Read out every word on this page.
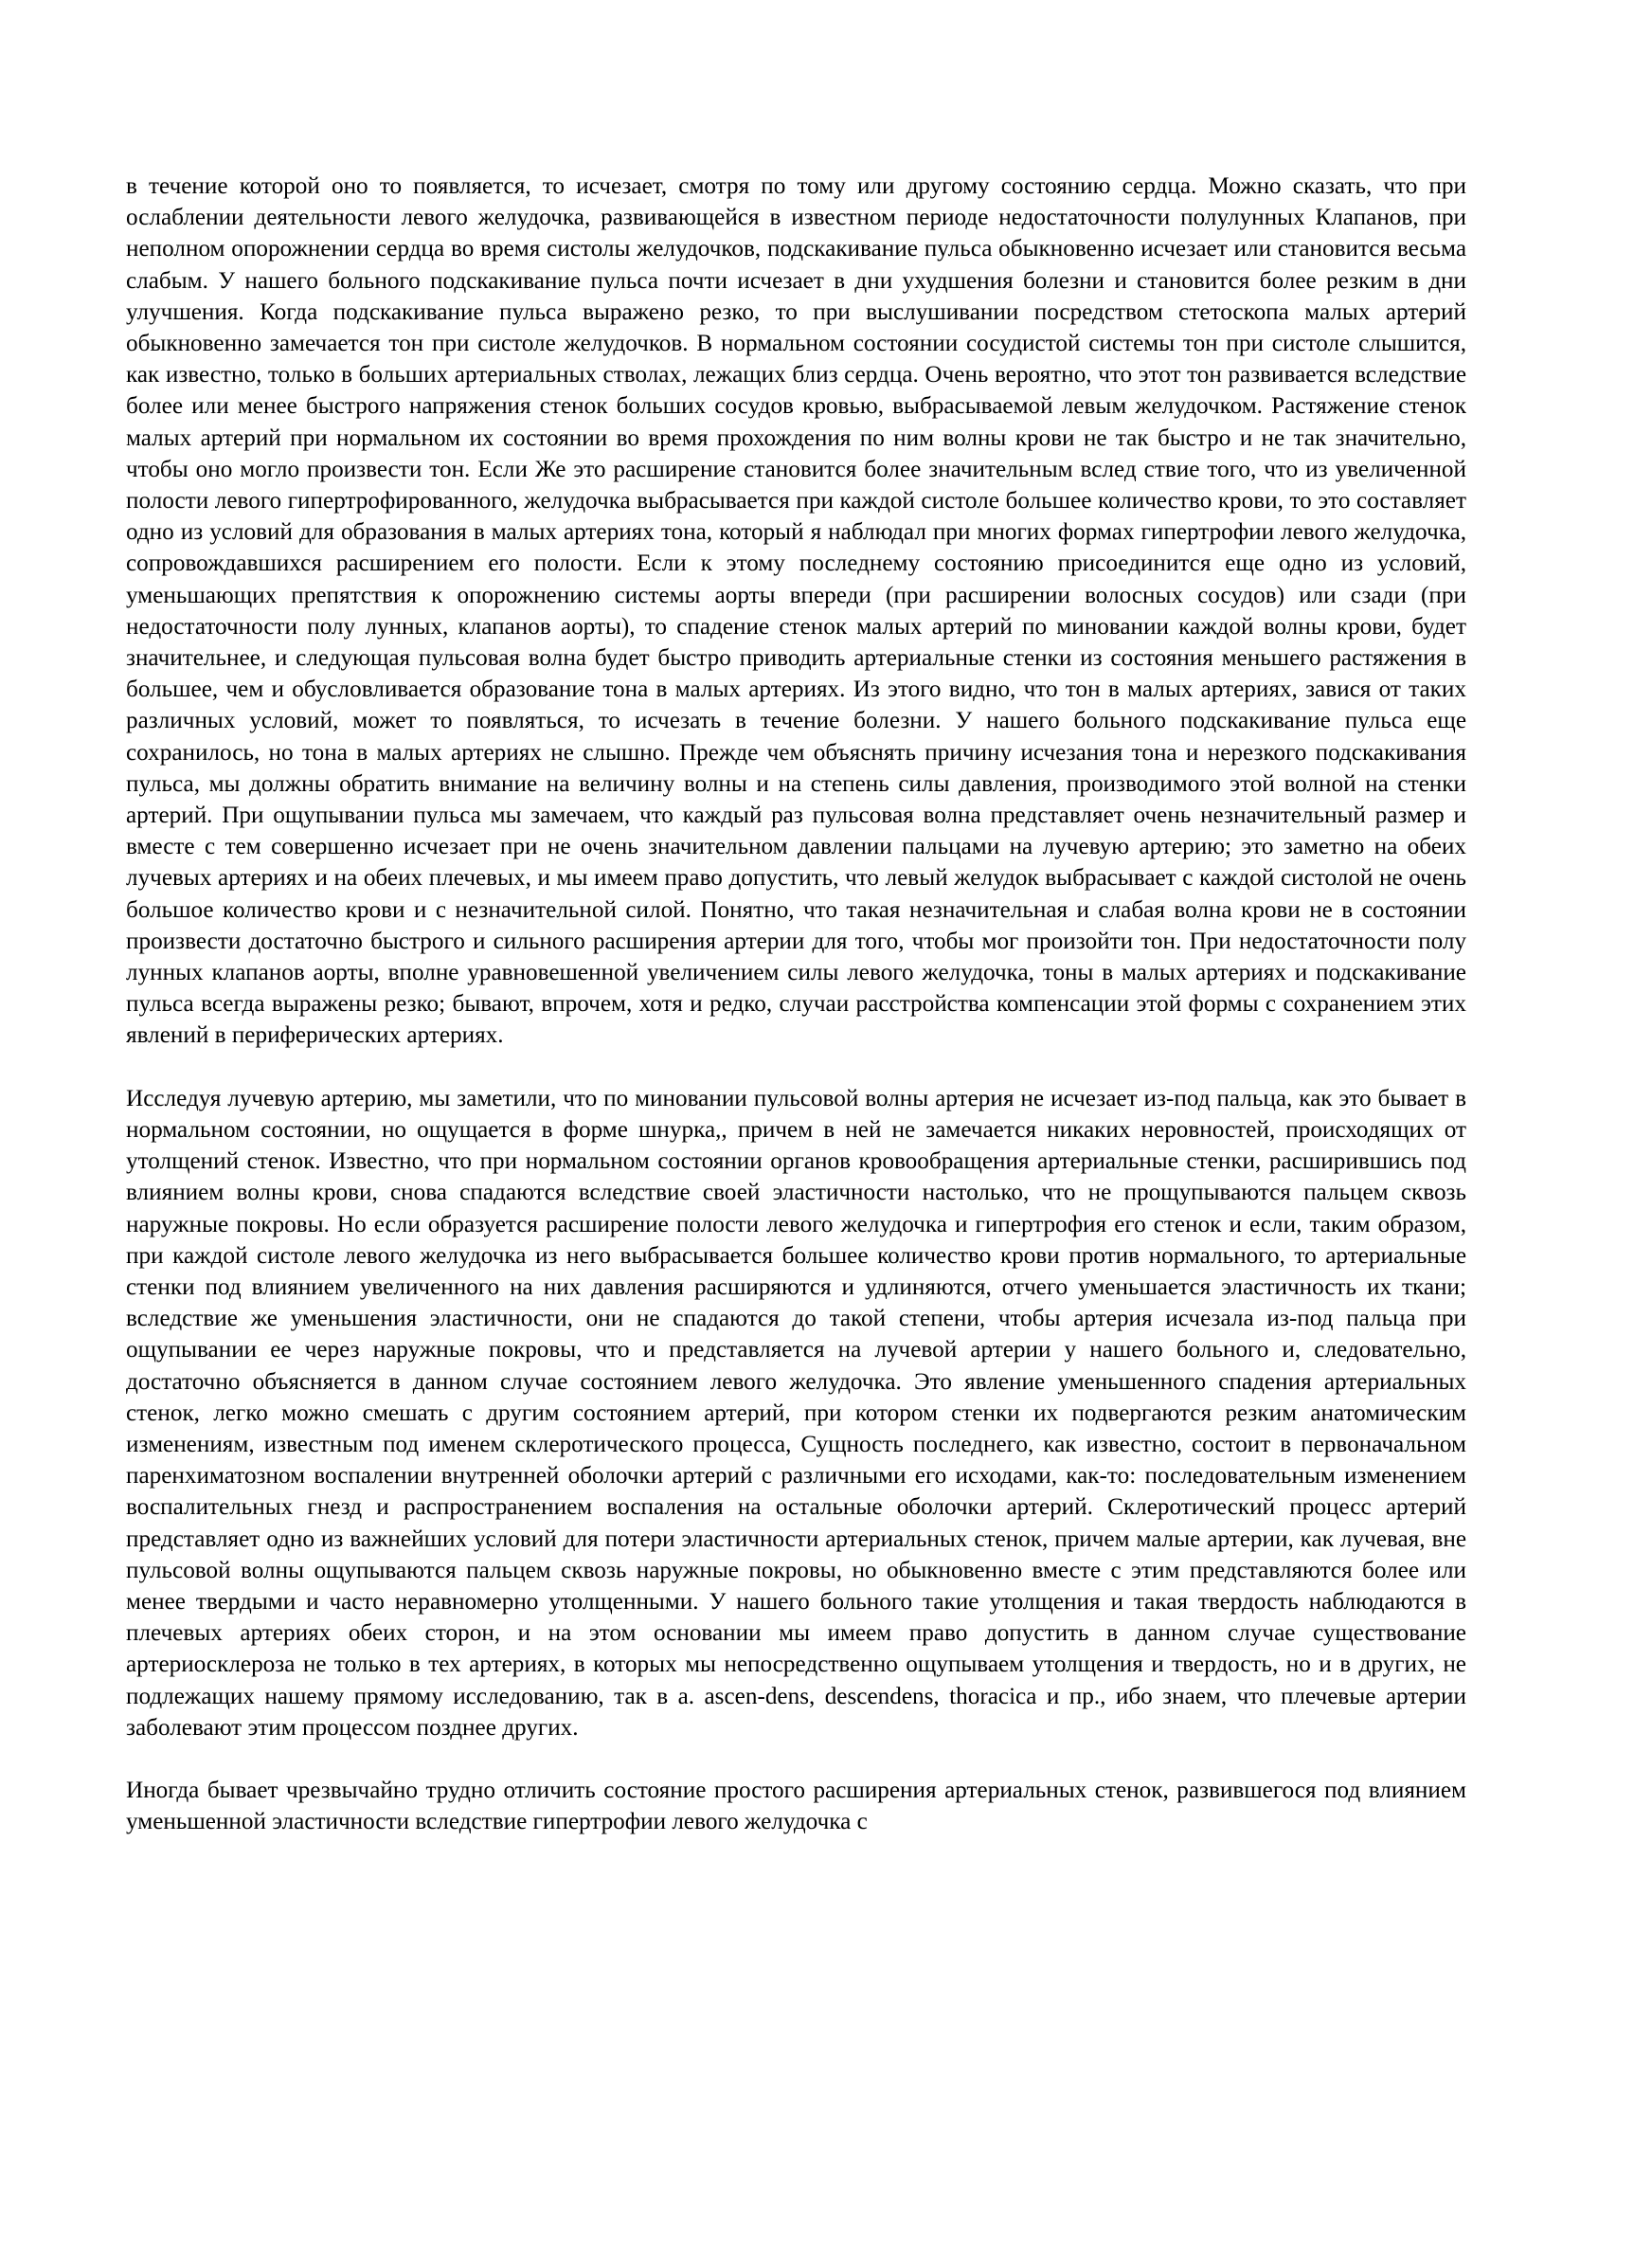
в течение которой оно то появляется, то исчезает, смотря по тому или другому состоянию сердца. Можно сказать, что при ослаблении деятельности левого желудочка, развивающейся в известном периоде недостаточности полулунных Клапанов, при неполном опорожнении сердца во время систолы желудочков, подскакивание пульса обыкновенно исчезает или становится весьма слабым. У нашего больного подскакивание пульса почти исчезает в дни ухудшения болезни и становится более резким в дни улучшения. Когда подскакивание пульса выражено резко, то при выслушивании посредством стетоскопа малых артерий обыкновенно замечается тон при систоле желудочков. В нормальном состоянии сосудистой системы тон при систоле слышится, как известно, только в больших артериальных стволах, лежащих близ сердца. Очень вероятно, что этот тон развивается вследствие более или менее быстрого напряжения стенок больших сосудов кровью, выбрасываемой левым желудочком. Растяжение стенок малых артерий при нормальном их состоянии во время прохождения по ним волны крови не так быстро и не так значительно, чтобы оно могло произвести тон. Если Же это расширение становится более значительным вслед ствие того, что из увеличенной полости левого гипертрофированного, желудочка выбрасывается при каждой систоле большее количество крови, то это составляет одно из условий для образования в малых артериях тона, который я наблюдал при многих формах гипертрофии левого желудочка, сопровождавшихся расширением его полости. Если к этому последнему состоянию присоединится еще одно из условий, уменьшающих препятствия к опорожнению системы аорты впереди (при расширении волосных сосудов) или сзади (при недостаточности полу лунных, клапанов аорты), то спадение стенок малых артерий по миновании каждой волны крови, будет значительнее, и следующая пульсовая волна будет быстро приводить артериальные стенки из состояния меньшего растяжения в большее, чем и обусловливается образование тона в малых артериях. Из этого видно, что тон в малых артериях, завися от таких различных условий, может то появляться, то исчезать в течение болезни. У нашего больного подскакивание пульса еще сохранилось, но тона в малых артериях не слышно. Прежде чем объяснять причину исчезания тона и нерезкого подскакивания пульса, мы должны обратить внимание на величину волны и на степень силы давления, производимого этой волной на стенки артерий. При ощупывании пульса мы замечаем, что каждый раз пульсовая волна представляет очень незначительный размер и вместе с тем совершенно исчезает при не очень значительном давлении пальцами на лучевую артерию; это заметно на обеих лучевых артериях и на обеих плечевых, и мы имеем право допустить, что левый желудок выбрасывает с каждой систолой не очень большое количество крови и с незначительной силой. Понятно, что такая незначительная и слабая волна крови не в состоянии произвести достаточно быстрого и сильного расширения артерии для того, чтобы мог произойти тон. При недостаточности полу лунных клапанов аорты, вполне уравновешенной увеличением силы левого желудочка, тоны в малых артериях и подскакивание пульса всегда выражены резко; бывают, впрочем, хотя и редко, случаи расстройства компенсации этой формы с сохранением этих явлений в периферических артериях.

Исследуя лучевую артерию, мы заметили, что по миновании пульсовой волны артерия не исчезает из-под пальца, как это бывает в нормальном состоянии, но ощущается в форме шнурка,, причем в ней не замечается никаких неровностей, происходящих от утолщений стенок. Известно, что при нормальном состоянии органов кровообращения артериальные стенки, расширившись под влиянием волны крови, снова спадаются вследствие своей эластичности настолько, что не прощупываются пальцем сквозь наружные покровы. Но если образуется расширение полости левого желудочка и гипертрофия его стенок и если, таким образом, при каждой систоле левого желудочка из него выбрасывается большее количество крови против нормального, то артериальные стенки под влиянием увеличенного на них давления расширяются и удлиняются, отчего уменьшается эластичность их ткани; вследствие же уменьшения эластичности, они не спадаются до такой степени, чтобы артерия исчезала из-под пальца при ощупывании ее через наружные покровы, что и представляется на лучевой артерии у нашего больного и, следовательно, достаточно объясняется в данном случае состоянием левого желудочка. Это явление уменьшенного спадения артериальных стенок, легко можно смешать с другим состоянием артерий, при котором стенки их подвергаются резким анатомическим изменениям, известным под именем склеротического процесса, Сущность последнего, как известно, состоит в первоначальном паренхиматозном воспалении внутренней оболочки артерий с различными его исходами, как-то: последовательным изменением воспалительных гнезд и распространением воспаления на остальные оболочки артерий. Склеротический процесс артерий представляет одно из важнейших условий для потери эластичности артериальных стенок, причем малые артерии, как лучевая, вне пульсовой волны ощупываются пальцем сквозь наружные покровы, но обыкновенно вместе с этим представляются более или менее твердыми и часто неравномерно утолщенными. У нашего больного такие утолщения и такая твердость наблюдаются в плечевых артериях обеих сторон, и на этом основании мы имеем право допустить в данном случае существование артериосклероза не только в тех артериях, в которых мы непосредственно ощупываем утолщения и твердость, но и в других, не подлежащих нашему прямому исследованию, так в a. ascen-dens, descendens, thoracica и пр., ибо знаем, что плечевые артерии заболевают этим процессом позднее других.

Иногда бывает чрезвычайно трудно отличить состояние простого расширения артериальных стенок, развившегося под влиянием уменьшенной эластичности вследствие гипертрофии левого желудочка с
